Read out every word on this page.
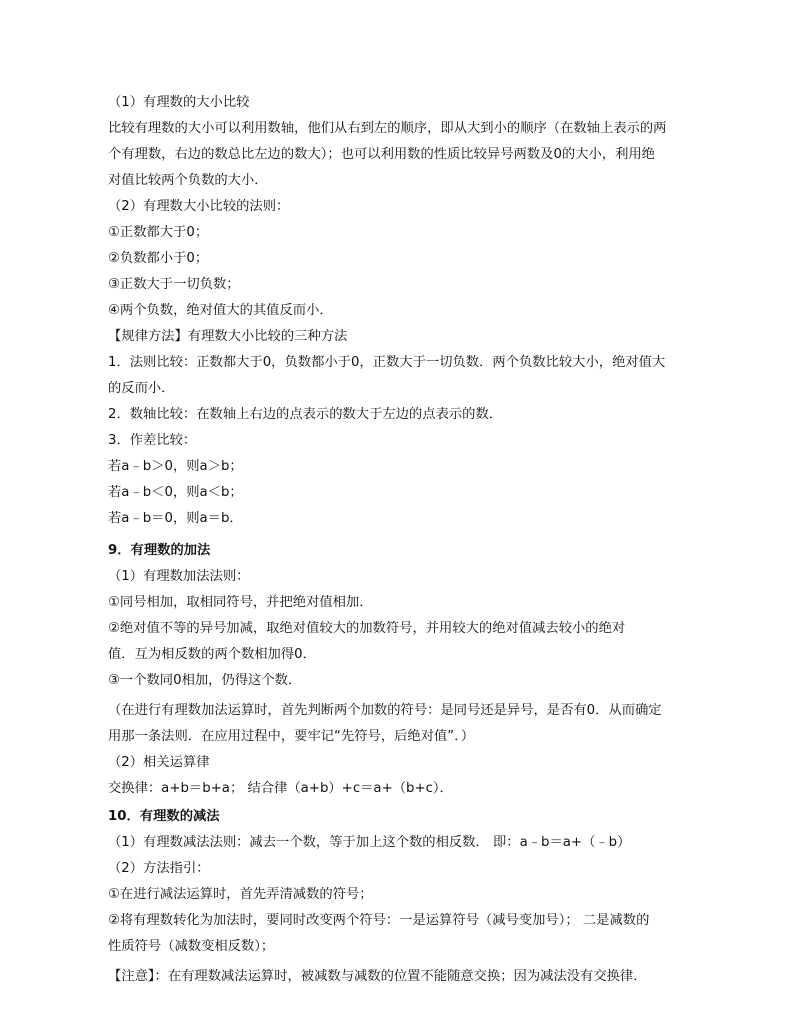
（1）有理数的大小比较
比较有理数的大小可以利用数轴，他们从右到左的顺序，即从大到小的顺序（在数轴上表示的两
个有理数，右边的数总比左边的数大）；也可以利用数的性质比较异号两数及0的大小，利用绝
对值比较两个负数的大小．
（2）有理数大小比较的法则：
①正数都大于0；
②负数都小于0；
③正数大于一切负数；
④两个负数，绝对值大的其值反而小．
【规律方法】有理数大小比较的三种方法
1．法则比较：正数都大于0，负数都小于0，正数大于一切负数．两个负数比较大小，绝对值大
的反而小．
2．数轴比较：在数轴上右边的点表示的数大于左边的点表示的数．
3．作差比较：
若a﹣b＞0，则a＞b；
若a﹣b＜0，则a＜b；
若a﹣b＝0，则a＝b．
9．有理数的加法
（1）有理数加法法则：
①同号相加，取相同符号，并把绝对值相加．
②绝对值不等的异号加减，取绝对值较大的加数符号，并用较大的绝对值减去较小的绝对
值．互为相反数的两个数相加得0．
③一个数同0相加，仍得这个数．
（在进行有理数加法运算时，首先判断两个加数的符号：是同号还是异号，是否有0．从而确定
用那一条法则．在应用过程中，要牢记“先符号，后绝对值”．）
（2）相关运算律
交换律：a+b＝b+a； 结合律（a+b）+c＝a+（b+c）．
10．有理数的减法
（1）有理数减法法则：减去一个数，等于加上这个数的相反数． 即：a﹣b＝a+（﹣b）
（2）方法指引：
①在进行减法运算时，首先弄清减数的符号；
②将有理数转化为加法时，要同时改变两个符号：一是运算符号（减号变加号）； 二是减数的
性质符号（减数变相反数）；
【注意】：在有理数减法运算时，被减数与减数的位置不能随意交换；因为减法没有交换律．
